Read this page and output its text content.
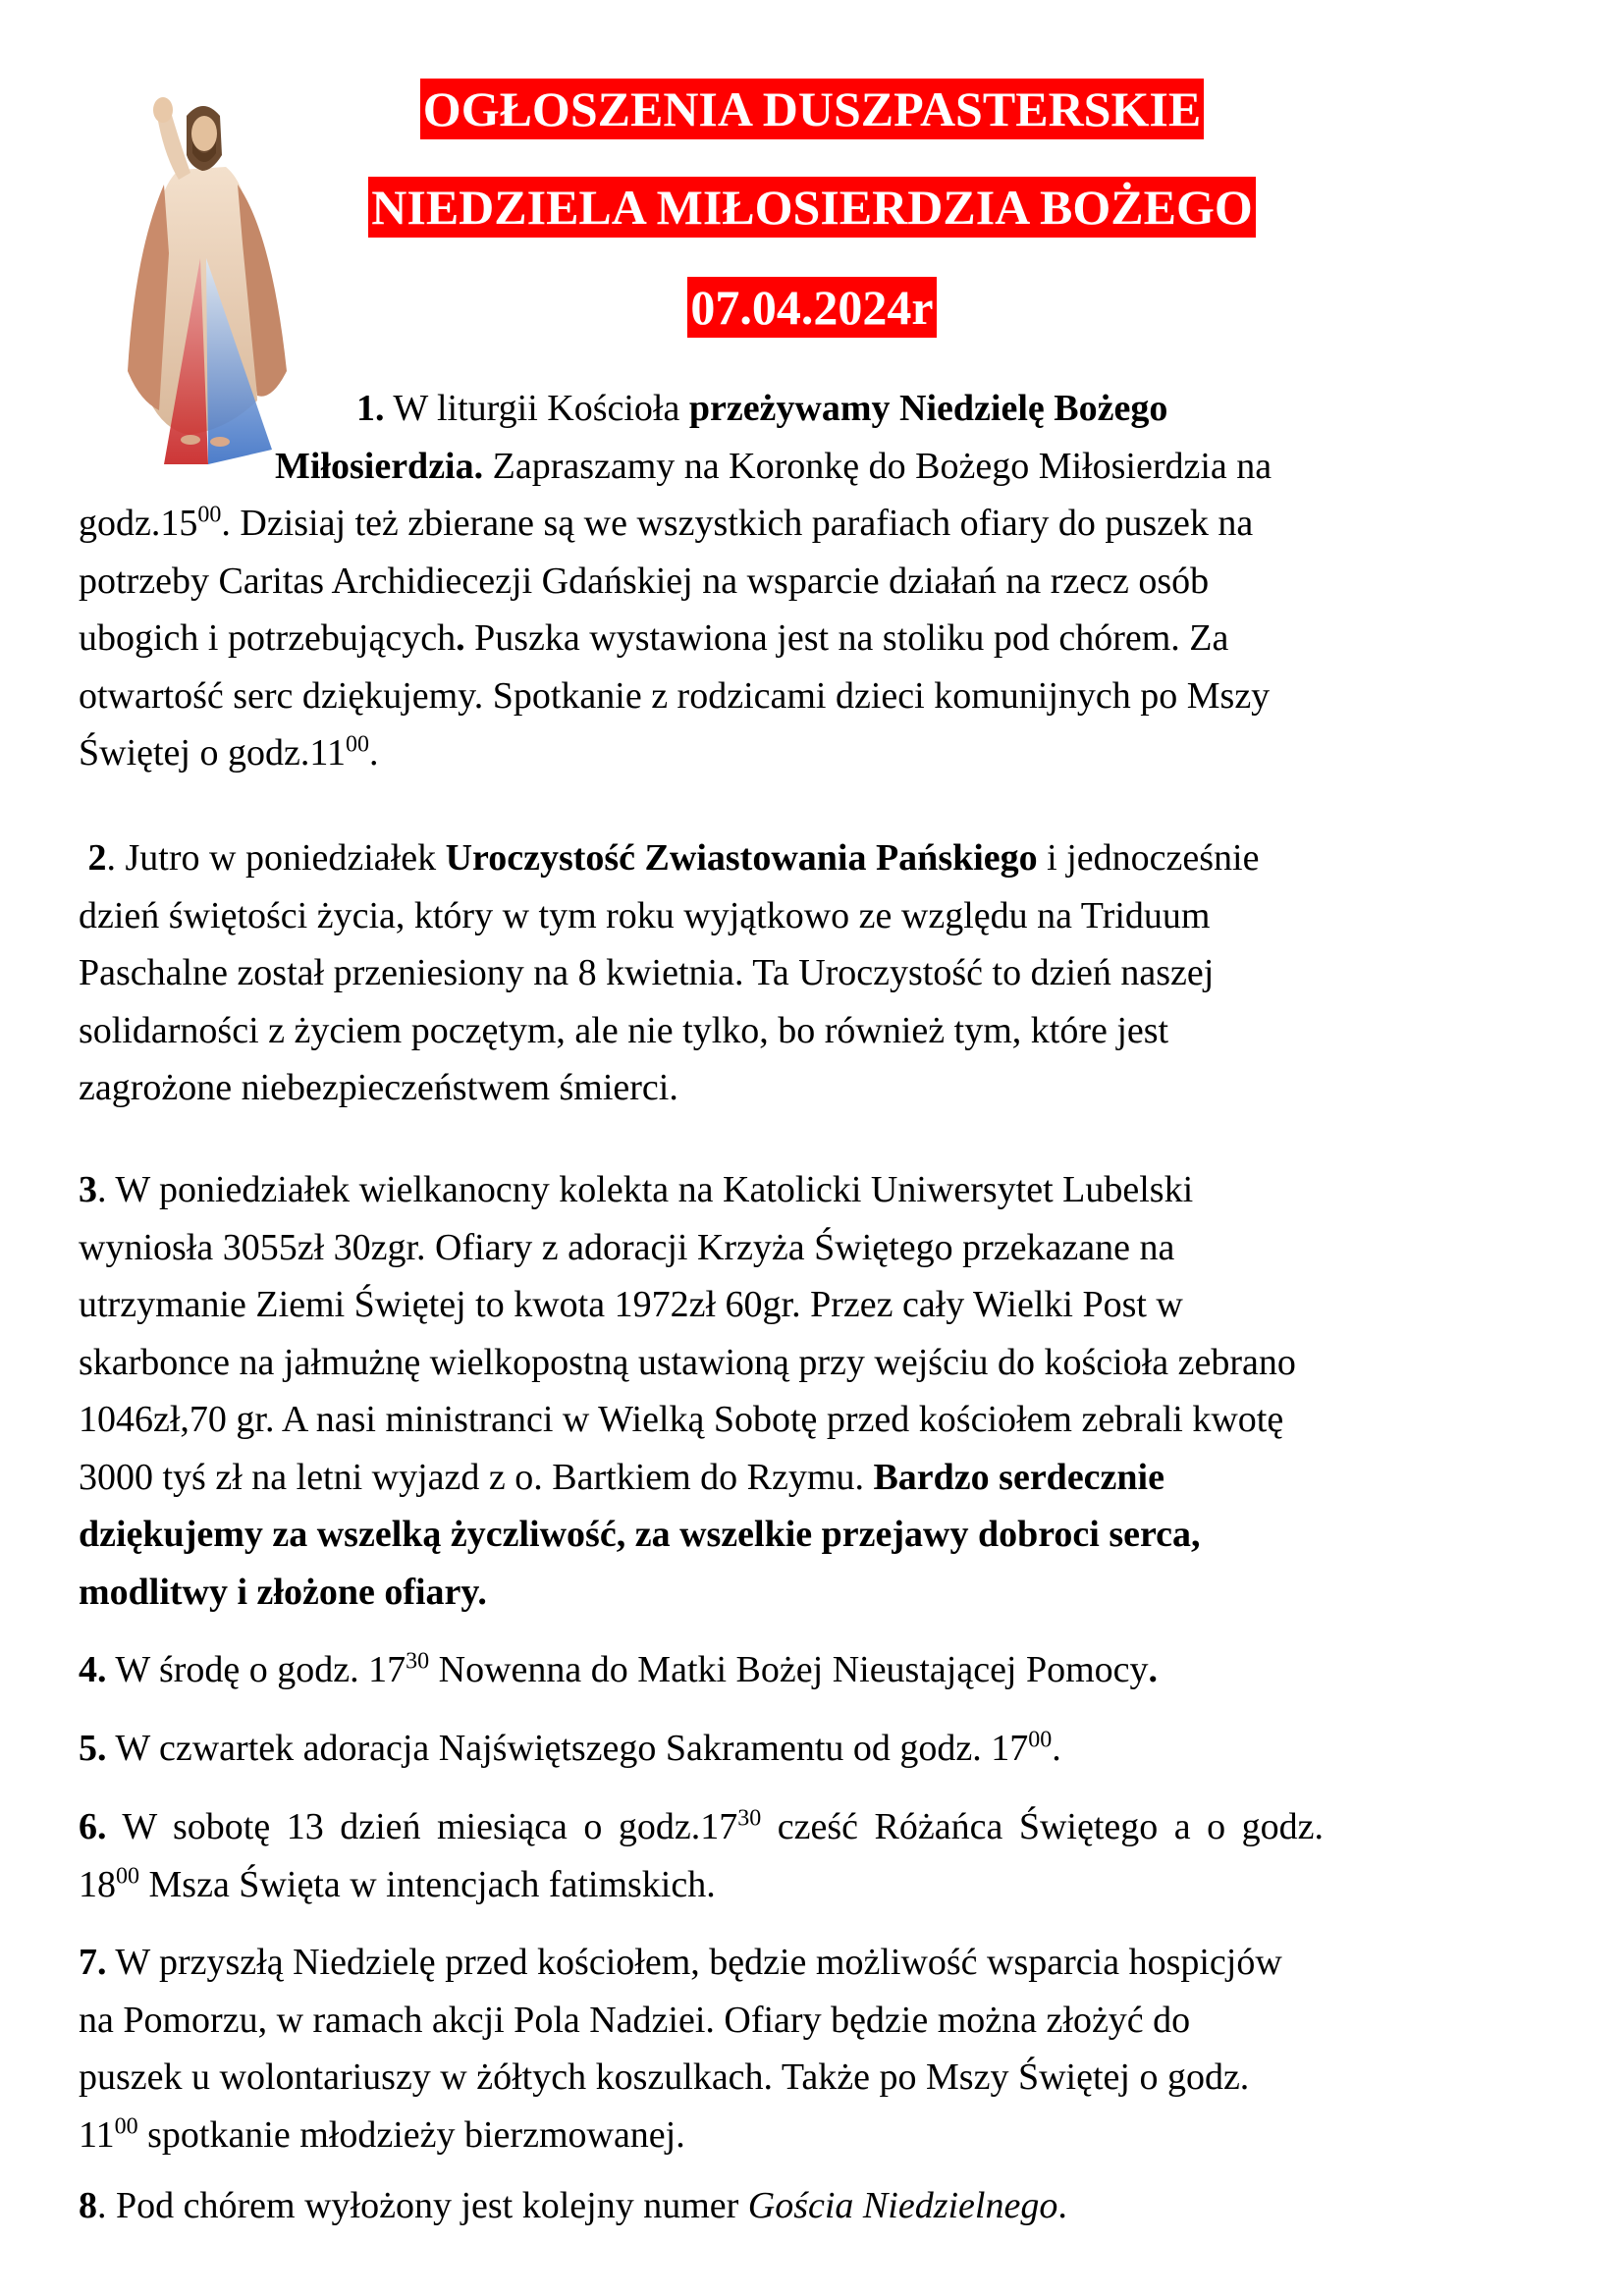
OGŁOSZENIA DUSZPASTERSKIE
NIEDZIELA MIŁOSIERDZIA BOŻEGO
07.04.2024r

1. W liturgii Kościoła przeżywamy Niedzielę Bożego

Miłosierdzia. Zapraszamy na Koronkę do Bożego Miłosierdzia na

$godz.15^{00}$. Dzisiaj też zbierane są we wszystkich parafiach ofiary do puszek na

potrzeby Caritas Archidiecezji Gdańskiej na wsparcie działań na rzecz osób

ubogich i potrzebujących. Puszka wystawiona jest na stoliku pod chórem. Za

otwartość serc dziękujemy. Spotkanie z rodzicami dzieci komunijnych po Mszy

Świętej o $godz.11^{00}$.

2. Jutro w poniedziałek Uroczystość Zwiastowania Pańskiego i jednocześnie

dzień świętości życia, który w tym roku wyjątkowo ze względu na Triduum

Paschalne został przeniesiony na 8 kwietnia. Ta Uroczystość to dzień naszej

solidarności z życiem poczętym, ale nie tylko, bo również tym, które jest

zagrożone niebezpieczeństwem śmierci.

3. W poniedziałek wielkanocny kolekta na Katolicki Uniwersytet Lubelski

wyniosła 3055zł 30zgr. Ofiary z adoracji Krzyża Świętego przekazane na

utrzymanie Ziemi Świętej to kwota 1972zł 60gr. Przez cały Wielki Post w

skarbonce na jałmużnę wielkopostną ustawioną przy wejściu do kościoła zebrano

1046zł,70 gr. A nasi ministranci w Wielką Sobotę przed kościołem zebrali kwotę

3000 tyś zł na letni wyjazd z o. Bartkiem do Rzymu. Bardzo serdecznie

dziękujemy za wszelką życzliwość, za wszelkie przejawy dobroci serca,

modlitwy i złożone ofiary.

4. W środę o godz. $17^{30}$ Nowenna do Matki Bożej Nieustającej Pomocy.

5. W czwartek adoracja Najświętszego Sakramentu od godz. $17^{00}$.

6. W sobotę 13 dzień miesiąca o $godz.17^{30}$ cześć Różańca Świętego a o godz.

$18^{00}$ Msza Święta w intencjach fatimskich.

7. W przyszłą Niedzielę przed kościołem, będzie możliwość wsparcia hospicjów

na Pomorzu, w ramach akcji Pola Nadziei. Ofiary będzie można złożyć do

puszek u wolontariuszy w żółtych koszulkach. Także po Mszy Świętej o godz.

$11^{00}$ spotkanie młodzieży bierzmowanej.

8. Pod chórem wyłożony jest kolejny numer Gościa Niedzielnego.
